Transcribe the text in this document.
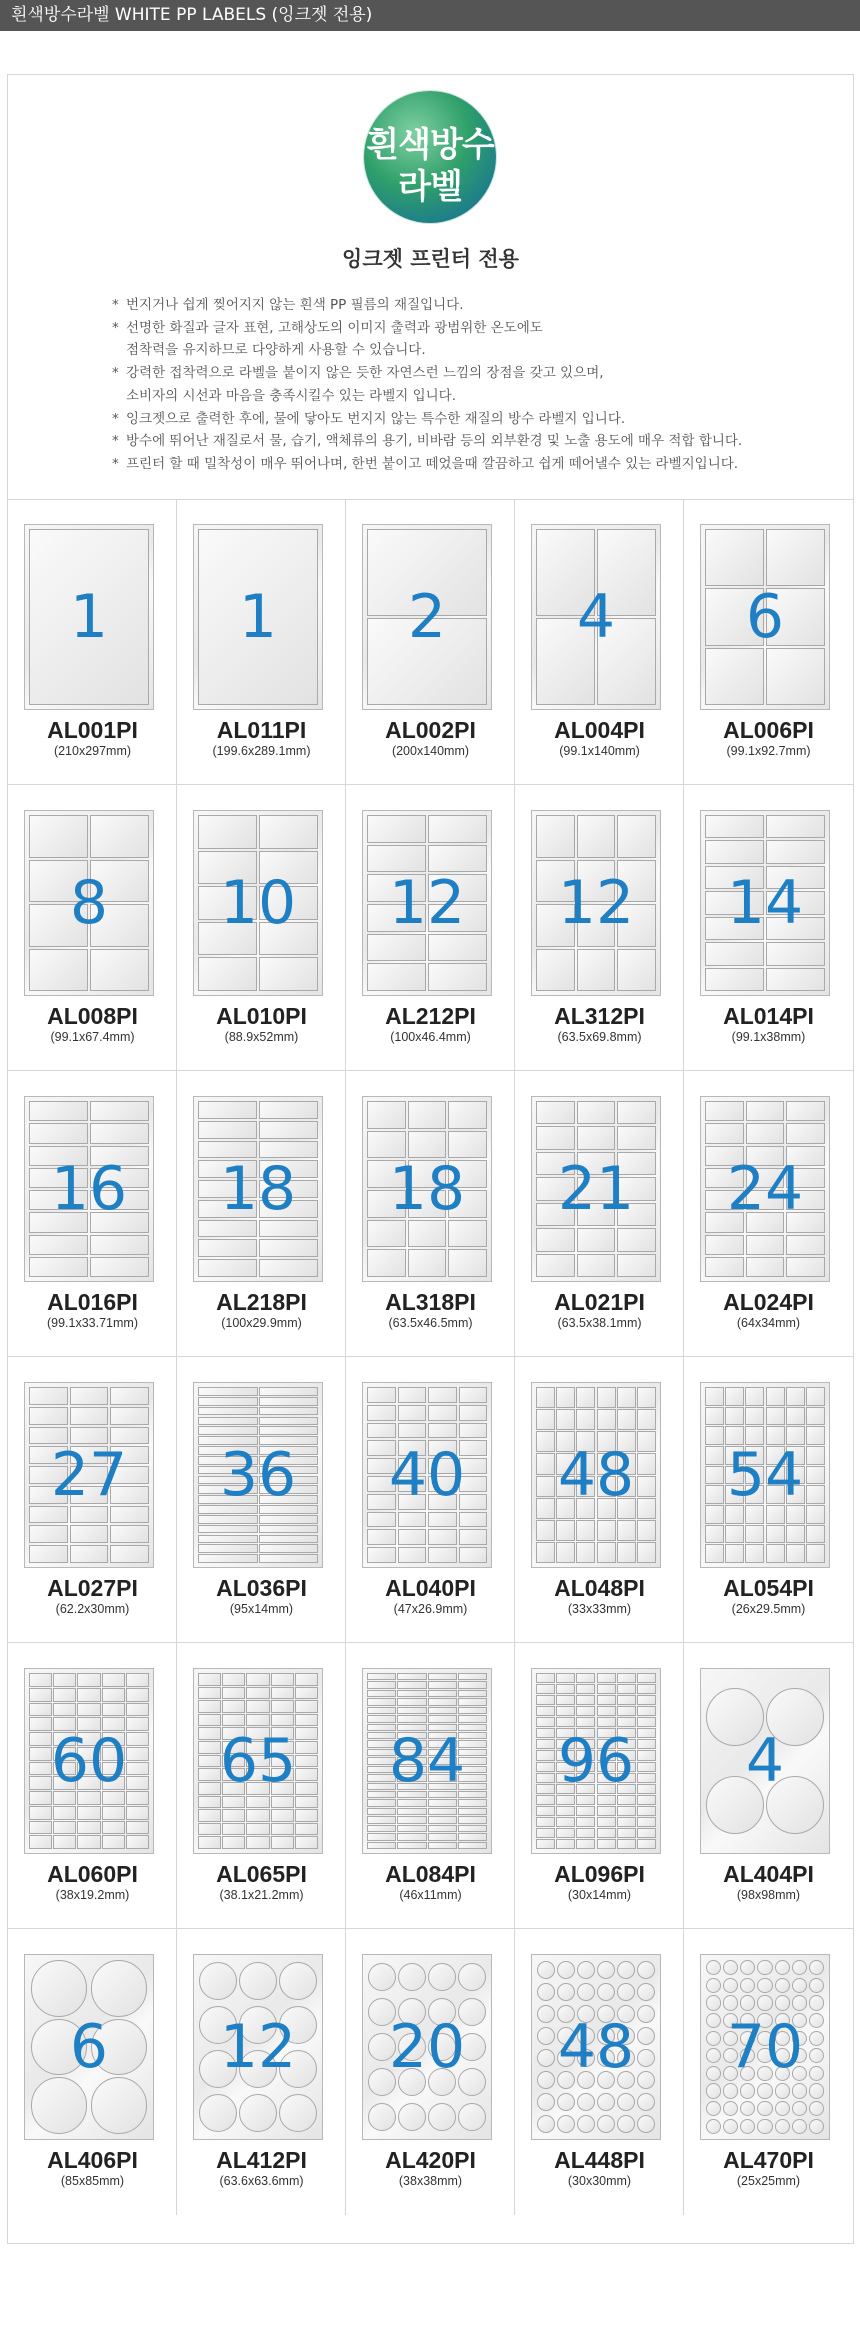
흰색방수라벨 WHITE PP LABELS (잉크젯 전용)
흰색방수
라벨
잉크젯 프린터 전용
* 번지거나 쉽게 찢어지지 않는 흰색 PP 필름의 재질입니다.
* 선명한 화질과 글자 표현, 고해상도의 이미지 출력과 광범위한 온도에도
점착력을 유지하므로 다양하게 사용할 수 있습니다.
* 강력한 접착력으로 라벨을 붙이지 않은 듯한 자연스런 느낌의 장점을 갖고 있으며,
소비자의 시선과 마음을 충족시킬수 있는 라벨지 입니다.
* 잉크젯으로 출력한 후에, 물에 닿아도 번지지 않는 특수한 재질의 방수 라벨지 입니다.
* 방수에 뛰어난 재질로서 물, 습기, 액체류의 용기, 비바람 등의 외부환경 및 노출 용도에 매우 적합 합니다.
* 프린터 할 때 밀착성이 매우 뛰어나며, 한번 붙이고 떼었을때 깔끔하고 쉽게 떼어낼수 있는 라벨지입니다.
1
AL001PI
(210x297mm)
1
AL011PI
(199.6x289.1mm)
2
AL002PI
(200x140mm)
4
AL004PI
(99.1x140mm)
6
AL006PI
(99.1x92.7mm)
8
AL008PI
(99.1x67.4mm)
10
AL010PI
(88.9x52mm)
12
AL212PI
(100x46.4mm)
12
AL312PI
(63.5x69.8mm)
14
AL014PI
(99.1x38mm)
16
AL016PI
(99.1x33.71mm)
18
AL218PI
(100x29.9mm)
18
AL318PI
(63.5x46.5mm)
21
AL021PI
(63.5x38.1mm)
24
AL024PI
(64x34mm)
27
AL027PI
(62.2x30mm)
36
AL036PI
(95x14mm)
40
AL040PI
(47x26.9mm)
48
AL048PI
(33x33mm)
54
AL054PI
(26x29.5mm)
60
AL060PI
(38x19.2mm)
65
AL065PI
(38.1x21.2mm)
84
AL084PI
(46x11mm)
96
AL096PI
(30x14mm)
4
AL404PI
(98x98mm)
6
AL406PI
(85x85mm)
12
AL412PI
(63.6x63.6mm)
20
AL420PI
(38x38mm)
48
AL448PI
(30x30mm)
70
AL470PI
(25x25mm)
